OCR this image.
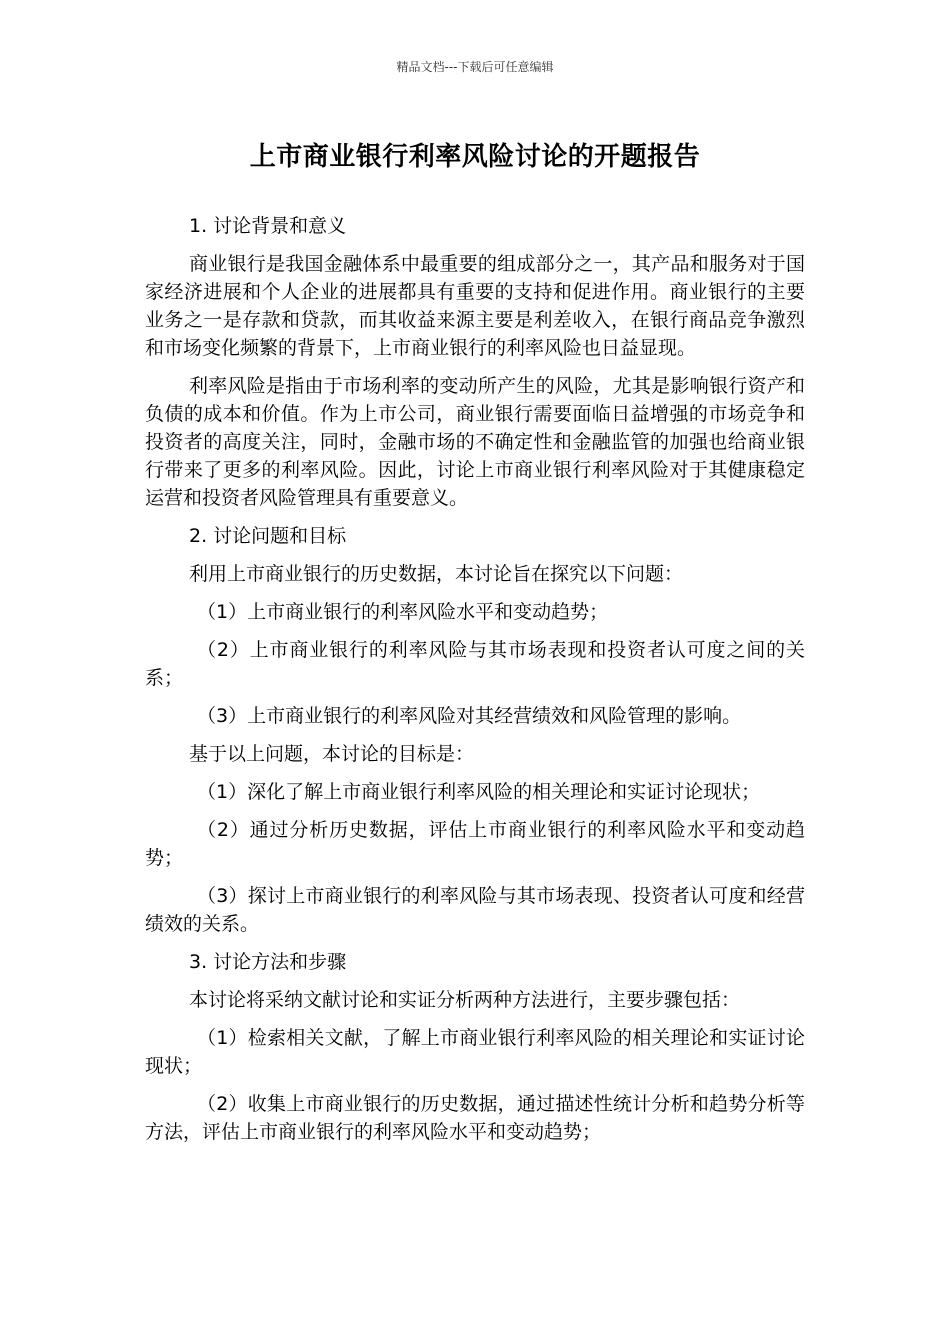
精品文档---下载后可任意编辑
上市商业银行利率风险讨论的开题报告

1. 讨论背景和意义

商业银行是我国金融体系中最重要的组成部分之一，其产品和服务对于国家经济进展和个人企业的进展都具有重要的支持和促进作用。商业银行的主要业务之一是存款和贷款，而其收益来源主要是利差收入，在银行商品竞争激烈和市场变化频繁的背景下，上市商业银行的利率风险也日益显现。

利率风险是指由于市场利率的变动所产生的风险，尤其是影响银行资产和负债的成本和价值。作为上市公司，商业银行需要面临日益增强的市场竞争和投资者的高度关注，同时，金融市场的不确定性和金融监管的加强也给商业银行带来了更多的利率风险。因此，讨论上市商业银行利率风险对于其健康稳定运营和投资者风险管理具有重要意义。

2. 讨论问题和目标

利用上市商业银行的历史数据，本讨论旨在探究以下问题：

（1）上市商业银行的利率风险水平和变动趋势；

（2）上市商业银行的利率风险与其市场表现和投资者认可度之间的关系；

（3）上市商业银行的利率风险对其经营绩效和风险管理的影响。

基于以上问题，本讨论的目标是：

（1）深化了解上市商业银行利率风险的相关理论和实证讨论现状；

（2）通过分析历史数据，评估上市商业银行的利率风险水平和变动趋势；

（3）探讨上市商业银行的利率风险与其市场表现、投资者认可度和经营绩效的关系。

3. 讨论方法和步骤

本讨论将采纳文献讨论和实证分析两种方法进行，主要步骤包括：

（1）检索相关文献，了解上市商业银行利率风险的相关理论和实证讨论现状；

（2）收集上市商业银行的历史数据，通过描述性统计分析和趋势分析等方法，评估上市商业银行的利率风险水平和变动趋势；
